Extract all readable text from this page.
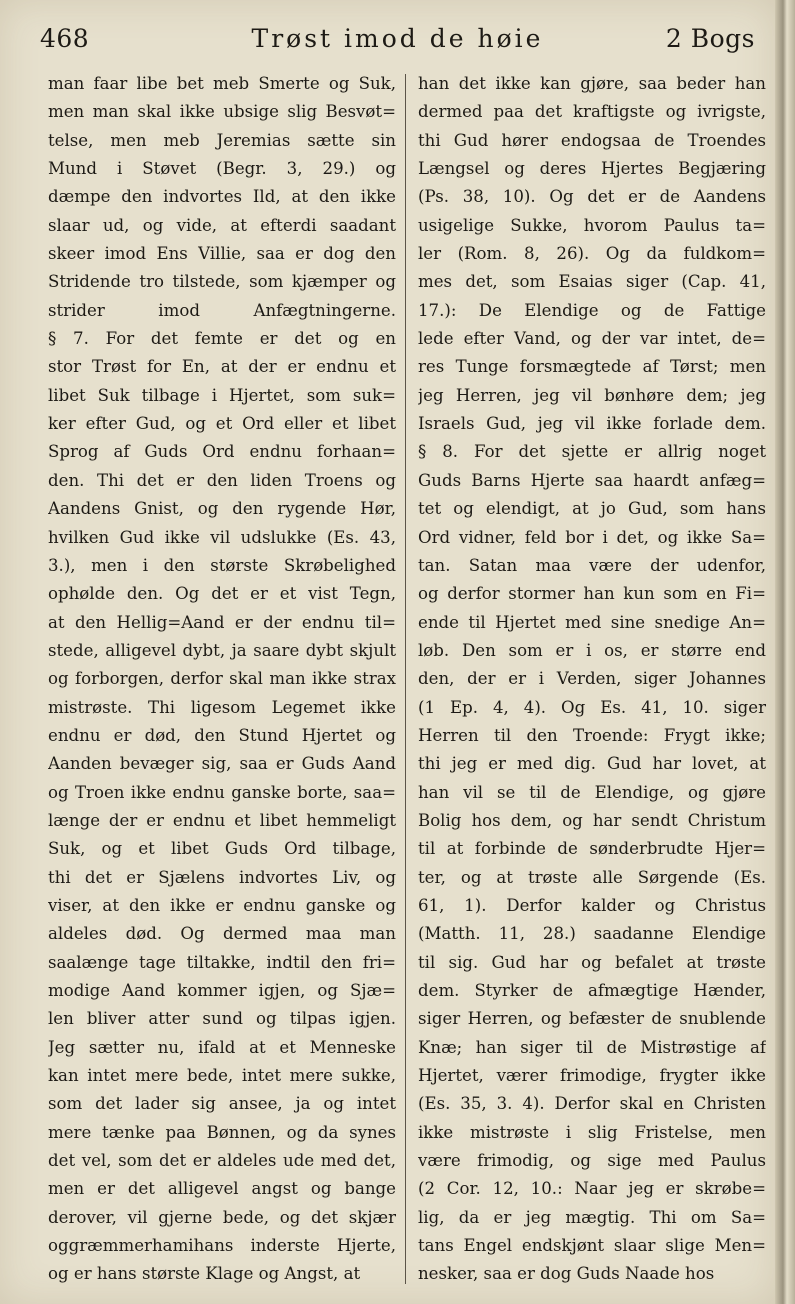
468	Trøst imod de høie	2 Bogs
man faar libe bet meb Smerte og Suk,
men man skal ikke ubsige slig Besvøt=
telse, men meb Jeremias sætte sin
Mund i Støvet (Begr. 3, 29.) og
dæmpe den indvortes Ild, at den ikke
slaar ud, og vide, at efterdi saadant
skeer imod Ens Villie, saa er dog den
Stridende tro tilstede, som kjæmper og
strider imod Anfægtningerne.
§ 7. For det femte er det og en
stor Trøst for En, at der er endnu et
libet Suk tilbage i Hjertet, som suk=
ker efter Gud, og et Ord eller et libet
Sprog af Guds Ord endnu forhaan=
den. Thi det er den liden Troens og
Aandens Gnist, og den rygende Hør,
hvilken Gud ikke vil udslukke (Es. 43,
3.), men i den største Skrøbelighed
ophølde den. Og det er et vist Tegn,
at den Hellig=Aand er der endnu til=
stede, alligevel dybt, ja saare dybt skjult
og forborgen, derfor skal man ikke strax
mistrøste. Thi ligesom Legemet ikke
endnu er død, den Stund Hjertet og
Aanden bevæger sig, saa er Guds Aand
og Troen ikke endnu ganske borte, saa=
længe der er endnu et libet hemmeligt
Suk, og et libet Guds Ord tilbage,
thi det er Sjælens indvortes Liv, og
viser, at den ikke er endnu ganske og
aldeles død. Og dermed maa man
saalænge tage tiltakke, indtil den fri=
modige Aand kommer igjen, og Sjæ=
len bliver atter sund og tilpas igjen.
Jeg sætter nu, ifald at et Menneske
kan intet mere bede, intet mere sukke,
som det lader sig ansee, ja og intet
mere tænke paa Bønnen, og da synes
det vel, som det er aldeles ude med det,
men er det alligevel angst og bange
derover, vil gjerne bede, og det skjær
oggræmmerhamihans inderste Hjerte,
og er hans største Klage og Angst, at
han det ikke kan gjøre, saa beder han
dermed paa det kraftigste og ivrigste,
thi Gud hører endogsaa de Troendes
Længsel og deres Hjertes Begjæring
(Ps. 38, 10). Og det er de Aandens
usigelige Sukke, hvorom Paulus ta=
ler (Rom. 8, 26). Og da fuldkom=
mes det, som Esaias siger (Cap. 41,
17.): De Elendige og de Fattige
lede efter Vand, og der var intet, de=
res Tunge forsmægtede af Tørst; men
jeg Herren, jeg vil bønhøre dem; jeg
Israels Gud, jeg vil ikke forlade dem.
§ 8. For det sjette er allrig noget
Guds Barns Hjerte saa haardt anfæg=
tet og elendigt, at jo Gud, som hans
Ord vidner, feld bor i det, og ikke Sa=
tan. Satan maa være der udenfor,
og derfor stormer han kun som en Fi=
ende til Hjertet med sine snedige An=
løb. Den som er i os, er større end
den, der er i Verden, siger Johannes
(1 Ep. 4, 4). Og Es. 41, 10. siger
Herren til den Troende: Frygt ikke;
thi jeg er med dig. Gud har lovet, at
han vil se til de Elendige, og gjøre
Bolig hos dem, og har sendt Christum
til at forbinde de sønderbrudte Hjer=
ter, og at trøste alle Sørgende (Es.
61, 1). Derfor kalder og Christus
(Matth. 11, 28.) saadanne Elendige
til sig. Gud har og befalet at trøste
dem. Styrker de afmægtige Hænder,
siger Herren, og befæster de snublende
Knæ; han siger til de Mistrøstige af
Hjertet, værer frimodige, frygter ikke
(Es. 35, 3. 4). Derfor skal en Christen
ikke mistrøste i slig Fristelse, men
være frimodig, og sige med Paulus
(2 Cor. 12, 10.: Naar jeg er skrøbe=
lig, da er jeg mægtig. Thi om Sa=
tans Engel endskjønt slaar slige Men=
nesker, saa er dog Guds Naade hos
